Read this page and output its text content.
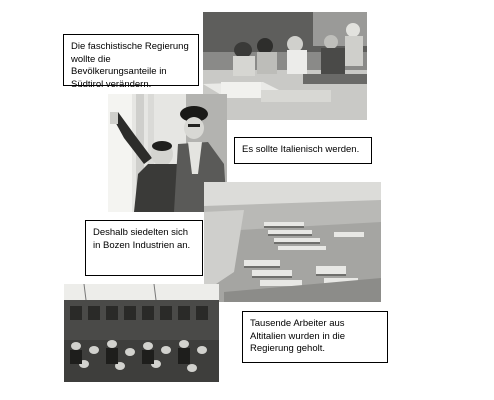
Die faschistische Regierung wollte die Bevölkerungsanteile in Südtirol verändern.

Es sollte Italienisch werden.

Deshalb siedelten sich in Bozen Industrien an.

Tausende Arbeiter aus Altitalien wurden in die Regierung geholt.
